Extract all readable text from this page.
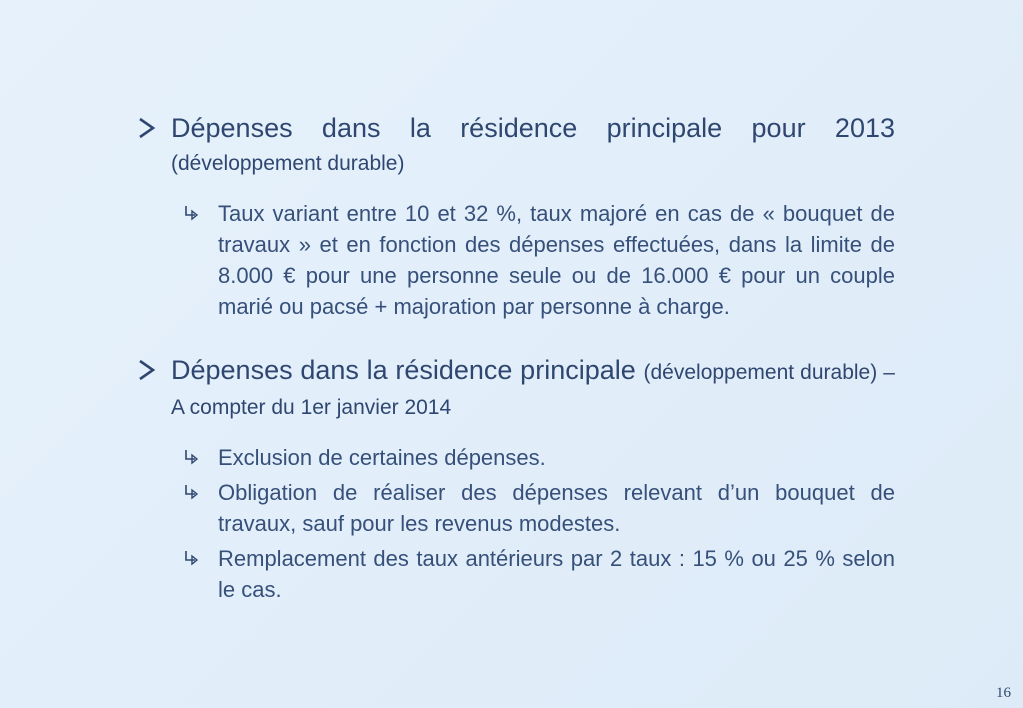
Dépenses dans la résidence principale pour 2013 (développement durable)
Taux variant entre 10 et 32 %, taux majoré en cas de « bouquet de travaux » et en fonction des dépenses effectuées, dans la limite de 8.000 € pour une personne seule ou de 16.000 € pour un couple marié ou pacsé + majoration par personne à charge.
Dépenses dans la résidence principale (développement durable) – A compter du 1er janvier 2014
Exclusion de certaines dépenses.
Obligation de réaliser des dépenses relevant d’un bouquet de travaux, sauf pour les revenus modestes.
Remplacement des taux antérieurs par 2 taux : 15 % ou 25 % selon le cas.
16
